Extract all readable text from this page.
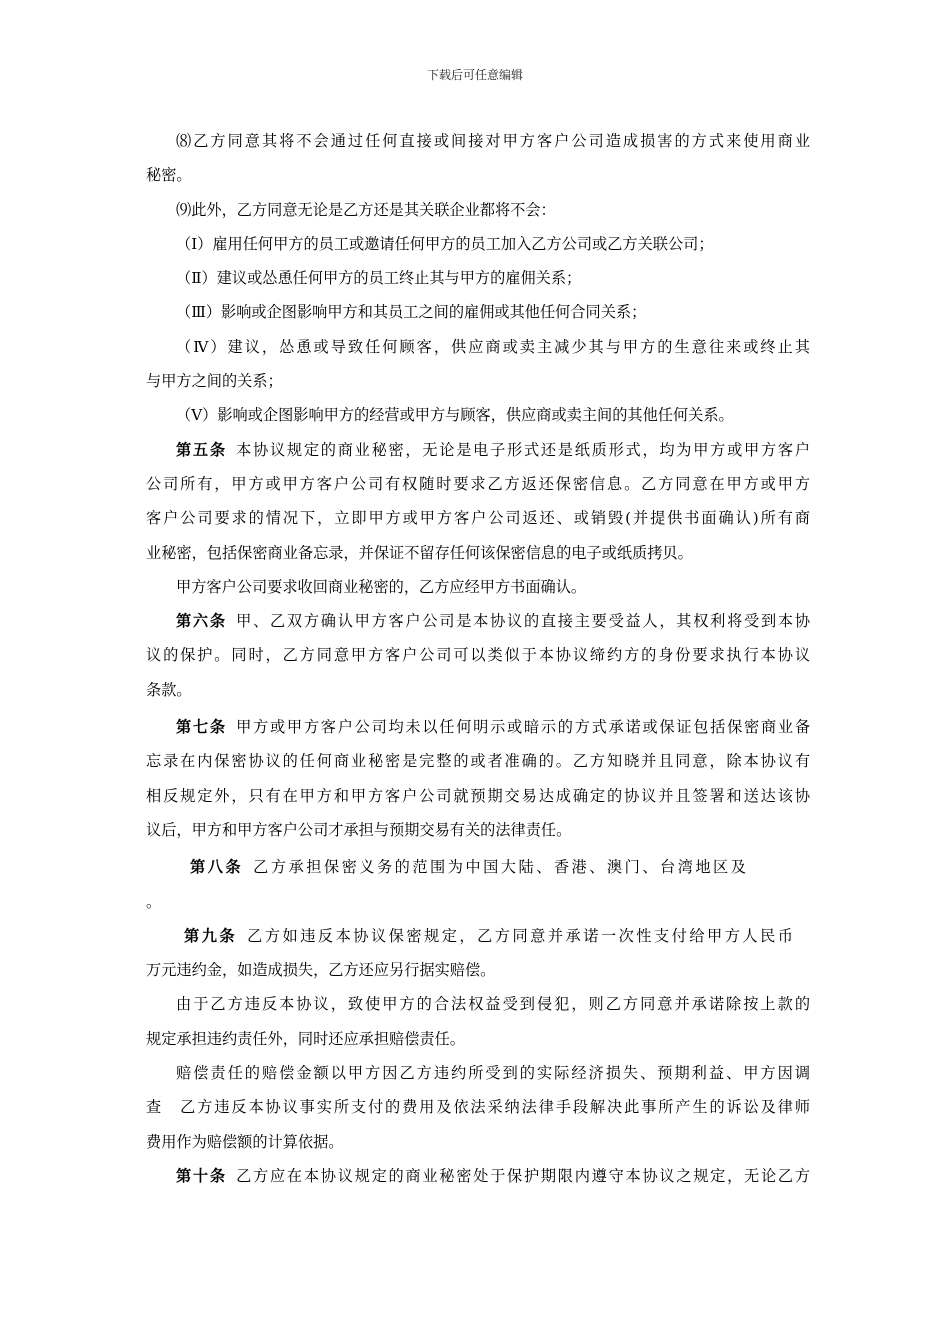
下载后可任意编辑
⑻乙方同意其将不会通过任何直接或间接对甲方客户公司造成损害的方式来使用商业
秘密。
⑼此外，乙方同意无论是乙方还是其关联企业都将不会：
（Ⅰ）雇用任何甲方的员工或邀请任何甲方的员工加入乙方公司或乙方关联公司；
（Ⅱ）建议或怂恿任何甲方的员工终止其与甲方的雇佣关系；
（Ⅲ）影响或企图影响甲方和其员工之间的雇佣或其他任何合同关系；
（Ⅳ）建议，怂恿或导致任何顾客，供应商或卖主减少其与甲方的生意往来或终止其
与甲方之间的关系；
（Ⅴ）影响或企图影响甲方的经营或甲方与顾客，供应商或卖主间的其他任何关系。
第五条  本协议规定的商业秘密，无论是电子形式还是纸质形式，均为甲方或甲方客户
公司所有，甲方或甲方客户公司有权随时要求乙方返还保密信息。乙方同意在甲方或甲方
客户公司要求的情况下，立即甲方或甲方客户公司返还、或销毁(并提供书面确认)所有商
业秘密，包括保密商业备忘录，并保证不留存任何该保密信息的电子或纸质拷贝。
甲方客户公司要求收回商业秘密的，乙方应经甲方书面确认。
第六条  甲、乙双方确认甲方客户公司是本协议的直接主要受益人，其权利将受到本协
议的保护。同时，乙方同意甲方客户公司可以类似于本协议缔约方的身份要求执行本协议
条款。
第七条  甲方或甲方客户公司均未以任何明示或暗示的方式承诺或保证包括保密商业备
忘录在内保密协议的任何商业秘密是完整的或者准确的。乙方知晓并且同意，除本协议有
相反规定外，只有在甲方和甲方客户公司就预期交易达成确定的协议并且签署和送达该协
议后，甲方和甲方客户公司才承担与预期交易有关的法律责任。
第八条  乙方承担保密义务的范围为中国大陆、香港、澳门、台湾地区及
。
第九条  乙方如违反本协议保密规定，乙方同意并承诺一次性支付给甲方人民币
万元违约金，如造成损失，乙方还应另行据实赔偿。
由于乙方违反本协议，致使甲方的合法权益受到侵犯，则乙方同意并承诺除按上款的
规定承担违约责任外，同时还应承担赔偿责任。
赔偿责任的赔偿金额以甲方因乙方违约所受到的实际经济损失、预期利益、甲方因调
查　乙方违反本协议事实所支付的费用及依法采纳法律手段解决此事所产生的诉讼及律师
费用作为赔偿额的计算依据。
第十条  乙方应在本协议规定的商业秘密处于保护期限内遵守本协议之规定，无论乙方
